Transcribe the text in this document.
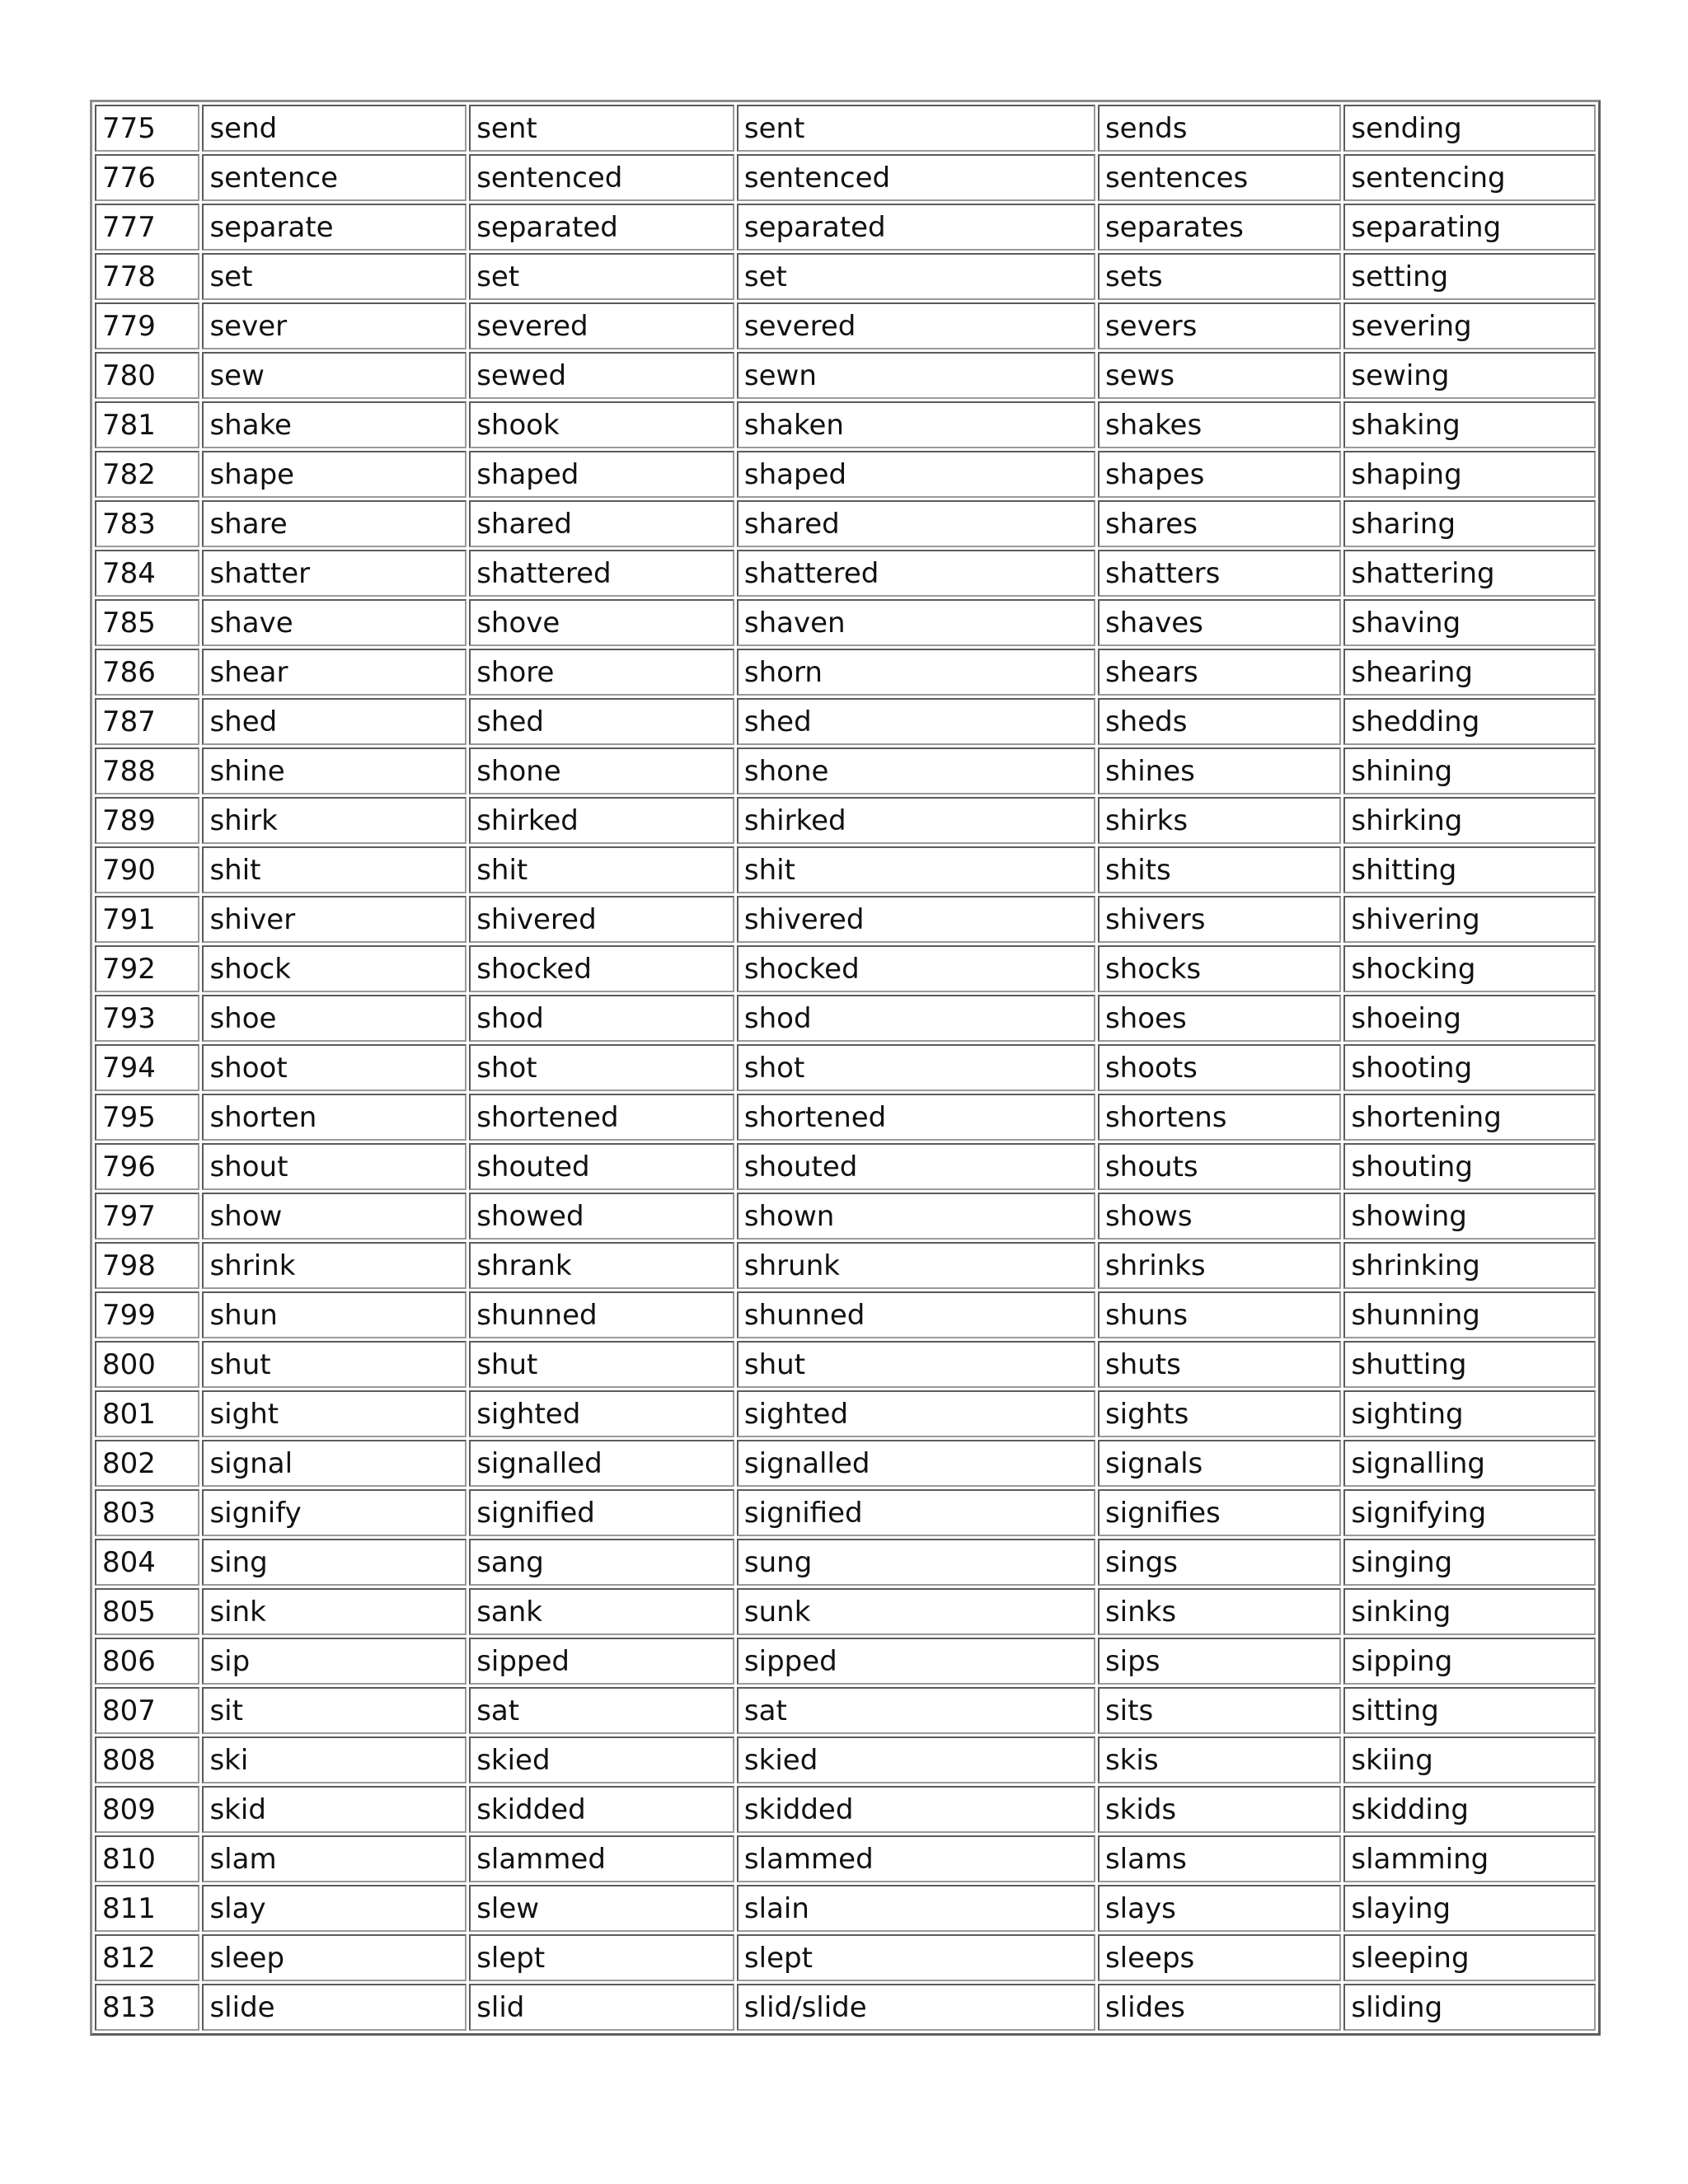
775	send	sent	sent	sends	sending
776	sentence	sentenced	sentenced	sentences	sentencing
777	separate	separated	separated	separates	separating
778	set	set	set	sets	setting
779	sever	severed	severed	severs	severing
780	sew	sewed	sewn	sews	sewing
781	shake	shook	shaken	shakes	shaking
782	shape	shaped	shaped	shapes	shaping
783	share	shared	shared	shares	sharing
784	shatter	shattered	shattered	shatters	shattering
785	shave	shove	shaven	shaves	shaving
786	shear	shore	shorn	shears	shearing
787	shed	shed	shed	sheds	shedding
788	shine	shone	shone	shines	shining
789	shirk	shirked	shirked	shirks	shirking
790	shit	shit	shit	shits	shitting
791	shiver	shivered	shivered	shivers	shivering
792	shock	shocked	shocked	shocks	shocking
793	shoe	shod	shod	shoes	shoeing
794	shoot	shot	shot	shoots	shooting
795	shorten	shortened	shortened	shortens	shortening
796	shout	shouted	shouted	shouts	shouting
797	show	showed	shown	shows	showing
798	shrink	shrank	shrunk	shrinks	shrinking
799	shun	shunned	shunned	shuns	shunning
800	shut	shut	shut	shuts	shutting
801	sight	sighted	sighted	sights	sighting
802	signal	signalled	signalled	signals	signalling
803	signify	signified	signified	signifies	signifying
804	sing	sang	sung	sings	singing
805	sink	sank	sunk	sinks	sinking
806	sip	sipped	sipped	sips	sipping
807	sit	sat	sat	sits	sitting
808	ski	skied	skied	skis	skiing
809	skid	skidded	skidded	skids	skidding
810	slam	slammed	slammed	slams	slamming
811	slay	slew	slain	slays	slaying
812	sleep	slept	slept	sleeps	sleeping
813	slide	slid	slid/slide	slides	sliding
